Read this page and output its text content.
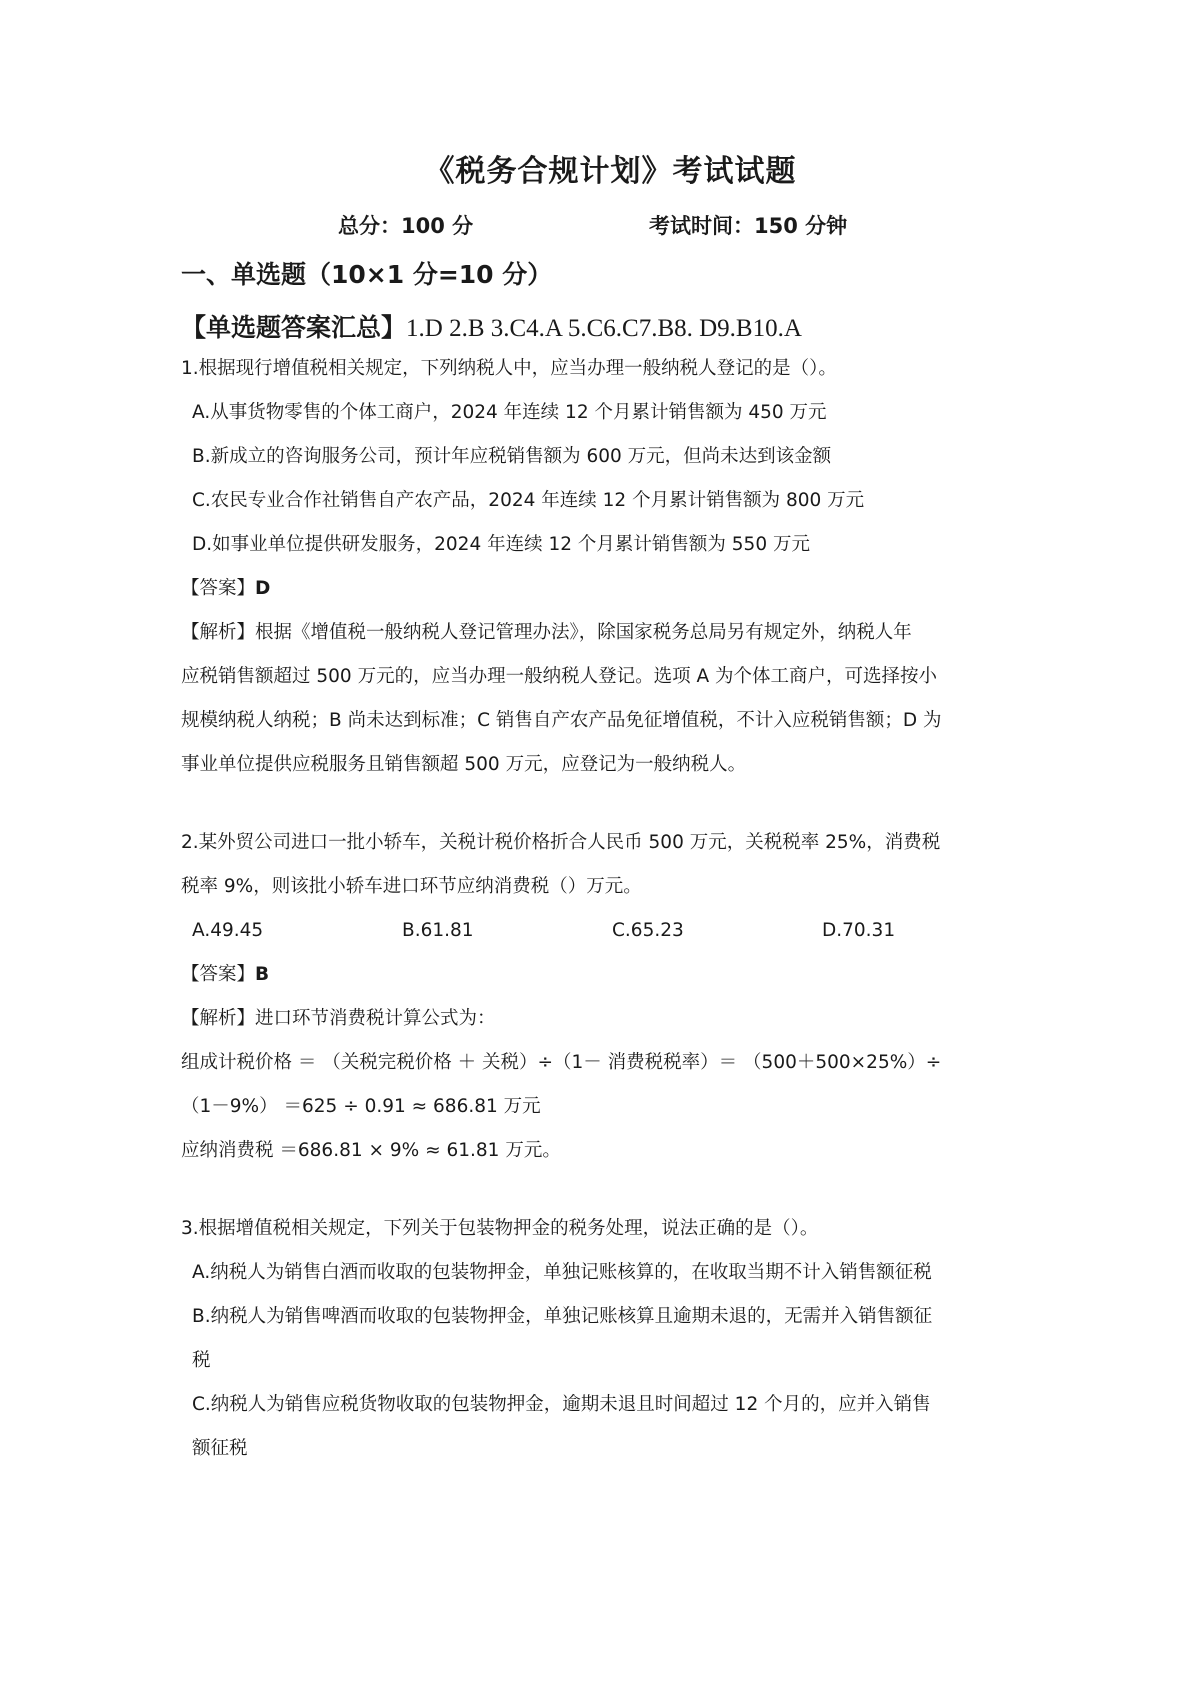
《税务合规计划》考试试题
总分：100 分	考试时间：150 分钟
一、单选题（10×1 分=10 分）
【单选题答案汇总】1.D 2.B 3.C4.A 5.C6.C7.B8. D9.B10.A

1.根据现行增值税相关规定，下列纳税人中，应当办理一般纳税人登记的是（）。

A.从事货物零售的个体工商户，2024 年连续 12 个月累计销售额为 450 万元

B.新成立的咨询服务公司，预计年应税销售额为 600 万元，但尚未达到该金额

C.农民专业合作社销售自产农产品，2024 年连续 12 个月累计销售额为 800 万元

D.如事业单位提供研发服务，2024 年连续 12 个月累计销售额为 550 万元

【答案】D

【解析】根据《增值税一般纳税人登记管理办法》，除国家税务总局另有规定外，纳税人年

应税销售额超过 500 万元的，应当办理一般纳税人登记。选项 A 为个体工商户，可选择按小

规模纳税人纳税；B 尚未达到标准；C 销售自产农产品免征增值税，不计入应税销售额；D 为

事业单位提供应税服务且销售额超 500 万元，应登记为一般纳税人。

2.某外贸公司进口一批小轿车，关税计税价格折合人民币 500 万元，关税税率 25%，消费税

税率 9%，则该批小轿车进口环节应纳消费税（）万元。

A.49.45	B.61.81	C.65.23	D.70.31

【答案】B

【解析】进口环节消费税计算公式为：

组成计税价格 ＝ （关税完税价格 ＋ 关税）÷（1－ 消费税税率）＝ （500＋500×25%）÷

（1－9%） ＝625 ÷ 0.91 ≈ 686.81 万元

应纳消费税 ＝686.81 × 9% ≈ 61.81 万元。

3.根据增值税相关规定，下列关于包装物押金的税务处理，说法正确的是（）。

A.纳税人为销售白酒而收取的包装物押金，单独记账核算的，在收取当期不计入销售额征税

B.纳税人为销售啤酒而收取的包装物押金，单独记账核算且逾期未退的，无需并入销售额征

税

C.纳税人为销售应税货物收取的包装物押金，逾期未退且时间超过 12 个月的，应并入销售

额征税
